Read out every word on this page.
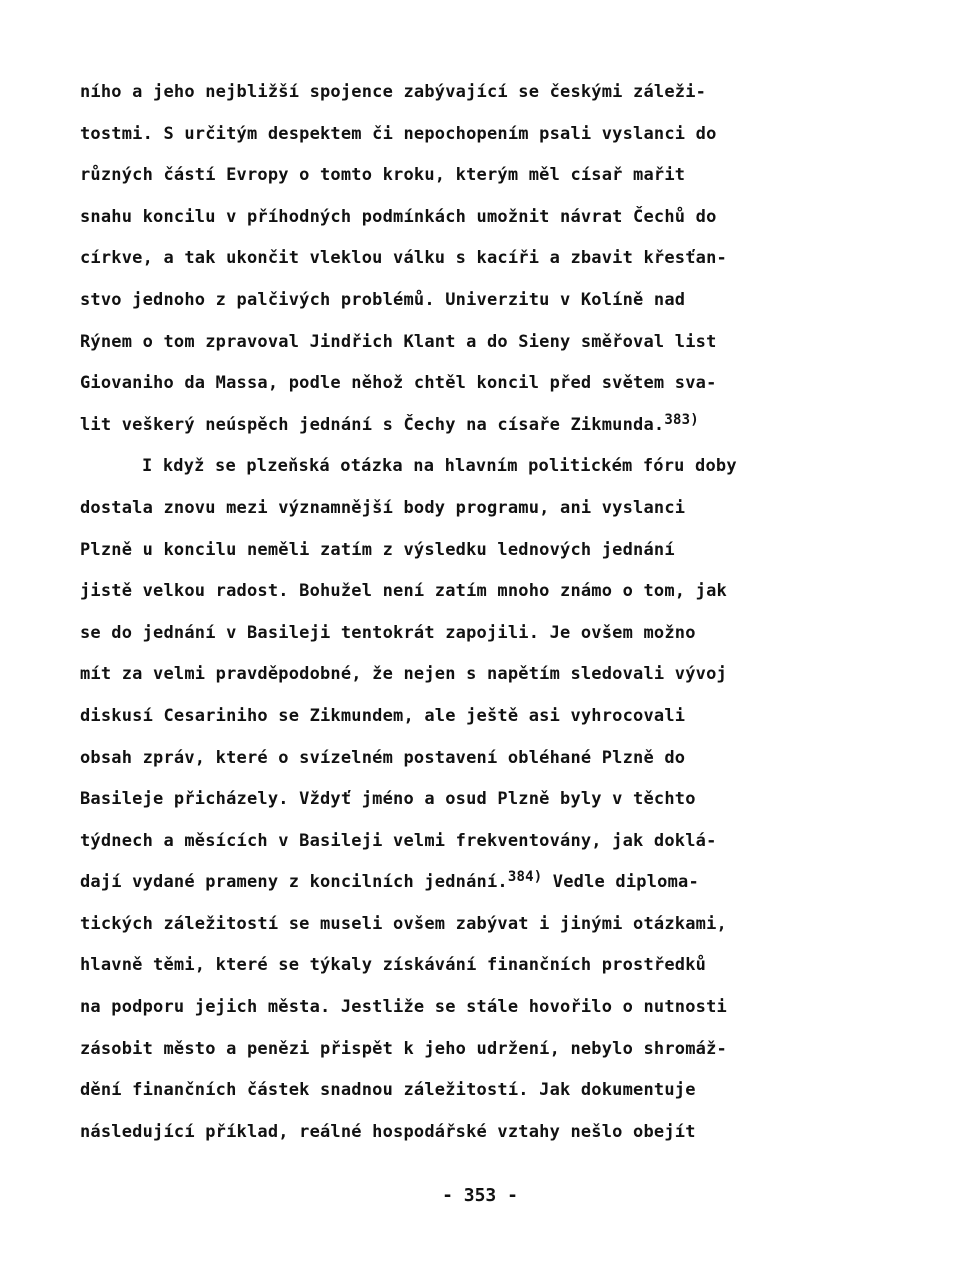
ního a jeho nejbližší spojence zabývající se českými záleži-
tostmi. S určitým despektem či nepochopením psali vyslanci do
různých částí Evropy o tomto kroku, kterým měl císař mařit
snahu koncilu v příhodných podmínkách umožnit návrat Čechů do
církve, a tak ukončit vleklou válku s kacíři a zbavit křesťan-
stvo jednoho z palčivých problémů. Univerzitu v Kolíně nad
Rýnem o tom zpravoval Jindřich Klant a do Sieny směřoval list
Giovaniho da Massa, podle něhož chtěl koncil před světem sva-
lit veškerý neúspěch jednání s Čechy na císaře Zikmunda.$^{383)}$
I když se plzeňská otázka na hlavním politickém fóru doby
dostala znovu mezi významnější body programu, ani vyslanci
Plzně u koncilu neměli zatím z výsledku lednových jednání
jistě velkou radost. Bohužel není zatím mnoho známo o tom, jak
se do jednání v Basileji tentokrát zapojili. Je ovšem možno
mít za velmi pravděpodobné, že nejen s napětím sledovali vývoj
diskusí Cesariniho se Zikmundem, ale ještě asi vyhrocovali
obsah zpráv, které o svízelném postavení obléhané Plzně do
Basileje přicházely. Vždyť jméno a osud Plzně byly v těchto
týdnech a měsících v Basileji velmi frekventovány, jak doklá-
dají vydané prameny z koncilních jednání.$^{384)}$ Vedle diploma-
tických záležitostí se museli ovšem zabývat i jinými otázkami,
hlavně těmi, které se týkaly získávání finančních prostředků
na podporu jejich města. Jestliže se stále hovořilo o nutnosti
zásobit město a penězi přispět k jeho udržení, nebylo shromáž-
dění finančních částek snadnou záležitostí. Jak dokumentuje
následující příklad, reálné hospodářské vztahy nešlo obejít
- 353 -
